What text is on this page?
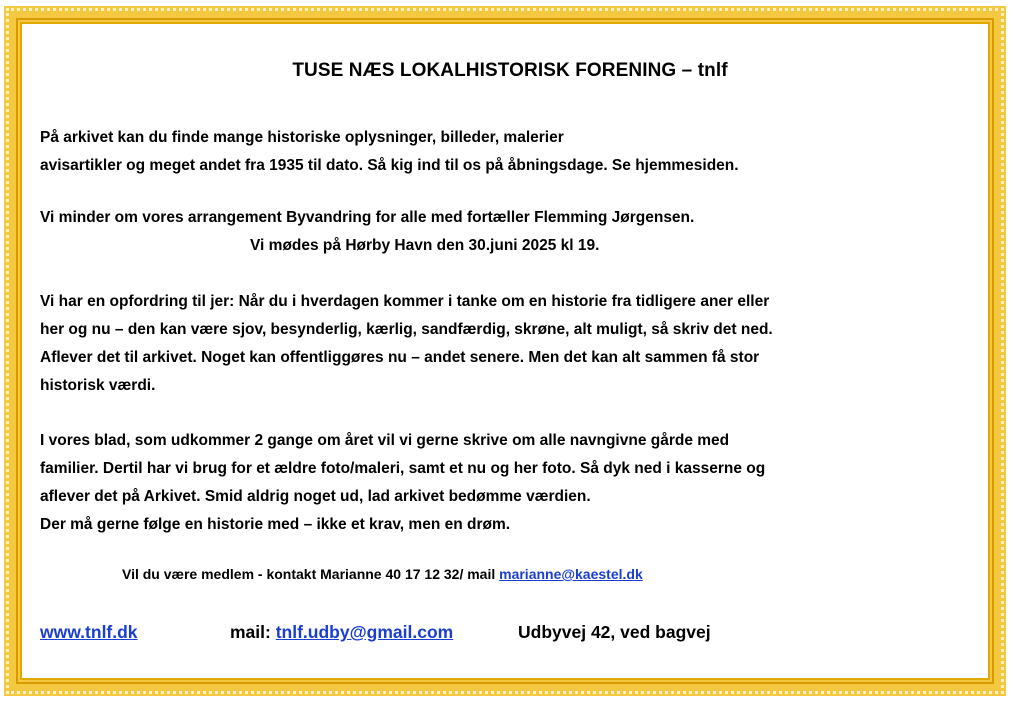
TUSE NÆS LOKALHISTORISK FORENING – tnlf

På arkivet kan du finde mange historiske oplysninger, billeder, malerier
avisartikler og meget andet fra 1935 til dato. Så kig ind til os på åbningsdage. Se hjemmesiden.

Vi minder om vores arrangement Byvandring for alle med fortæller Flemming Jørgensen.
Vi mødes på Hørby Havn den 30.juni 2025 kl 19.

Vi har en opfordring til jer: Når du i hverdagen kommer i tanke om en historie fra tidligere aner eller
her og nu – den kan være sjov, besynderlig, kærlig, sandfærdig, skrøne, alt muligt, så skriv det ned.
Aflever det til arkivet. Noget kan offentliggøres nu – andet senere. Men det kan alt sammen få stor
historisk værdi.

I vores blad, som udkommer 2 gange om året vil vi gerne skrive om alle navngivne gårde med
familier. Dertil har vi brug for et ældre foto/maleri, samt et nu og her foto. Så dyk ned i kasserne og
aflever det på Arkivet. Smid aldrig noget ud, lad arkivet bedømme værdien.
Der må gerne følge en historie med – ikke et krav, men en drøm.

Vil du være medlem - kontakt Marianne 40 17 12 32/ mail marianne@kaestel.dk
www.tnlf.dk	mail: tnlf.udby@gmail.com	Udbyvej 42, ved bagvej
